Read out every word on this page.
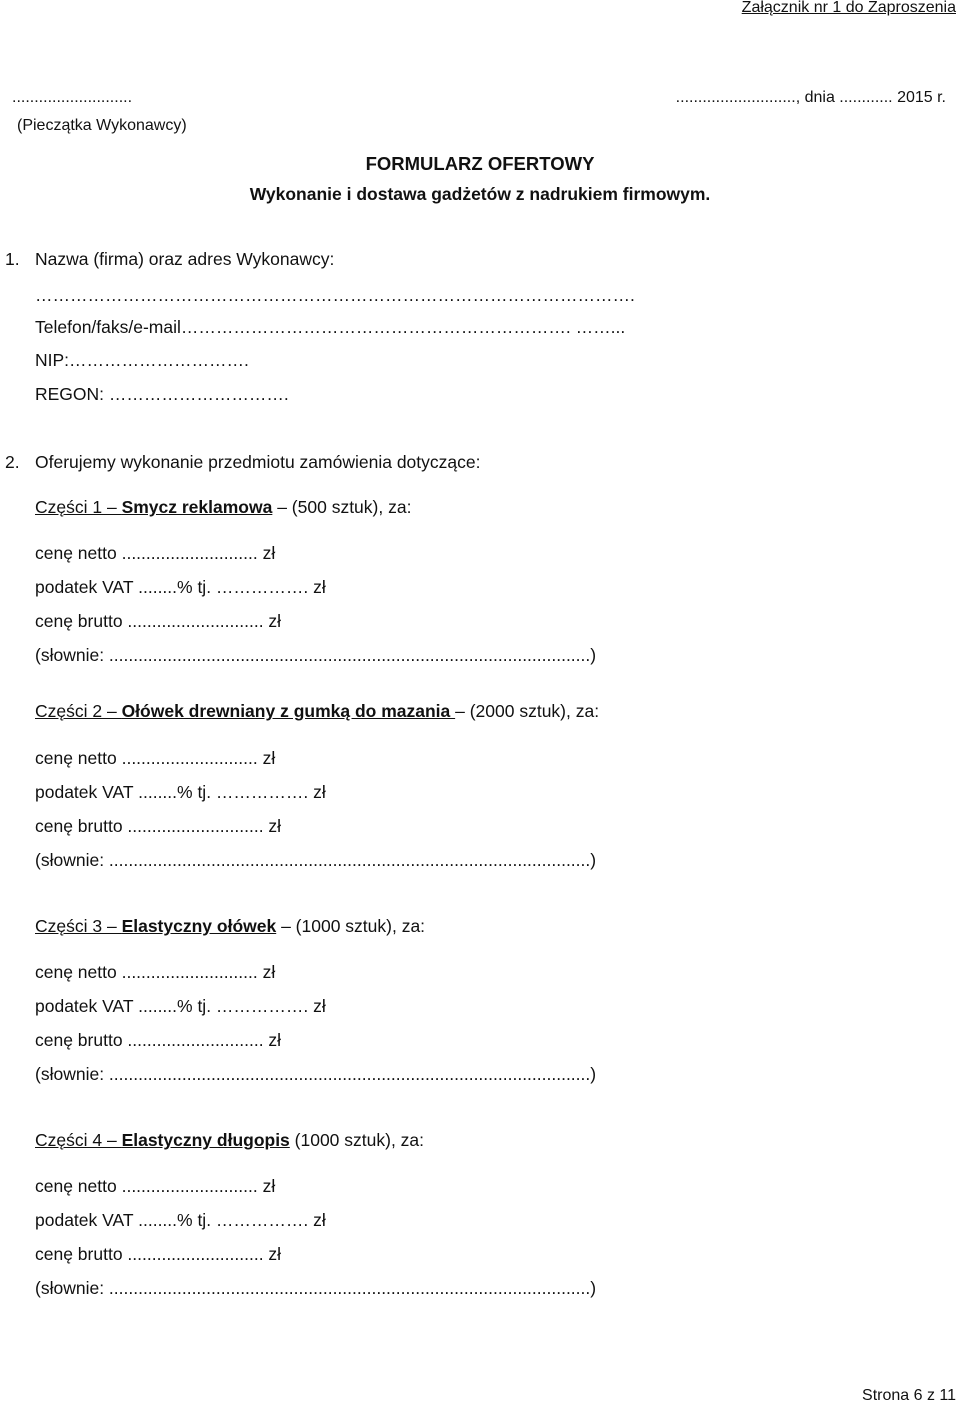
Załącznik nr 1 do Zaproszenia
...........................
(Pieczątka Wykonawcy)
..........................., dnia ............ 2015 r.
FORMULARZ OFERTOWY
Wykonanie i dostawa gadżetów z nadrukiem firmowym.
1. Nazwa (firma) oraz adres Wykonawcy:
………………………………………………………………………………………….
Telefon/faks/e-mail…………………………………………………………. ……...
NIP:………………………….
REGON: ………………………….
2. Oferujemy wykonanie przedmiotu zamówienia dotyczące:
Części 1 – Smycz reklamowa – (500 sztuk), za:
cenę netto ............................ zł
podatek VAT ........% tj. ……………. zł
cenę brutto ............................ zł
(słownie: ...................................................................................................)
Części 2 – Ołówek drewniany z gumką do mazania – (2000 sztuk), za:
cenę netto ............................ zł
podatek VAT ........% tj. ……………. zł
cenę brutto ............................ zł
(słownie: ...................................................................................................)
Części 3 – Elastyczny ołówek – (1000 sztuk), za:
cenę netto ............................ zł
podatek VAT ........% tj. ……………. zł
cenę brutto ............................ zł
(słownie: ...................................................................................................)
Części 4 – Elastyczny długopis (1000 sztuk), za:
cenę netto ............................ zł
podatek VAT ........% tj. ……………. zł
cenę brutto ............................ zł
(słownie: ...................................................................................................)
Strona 6 z 11
